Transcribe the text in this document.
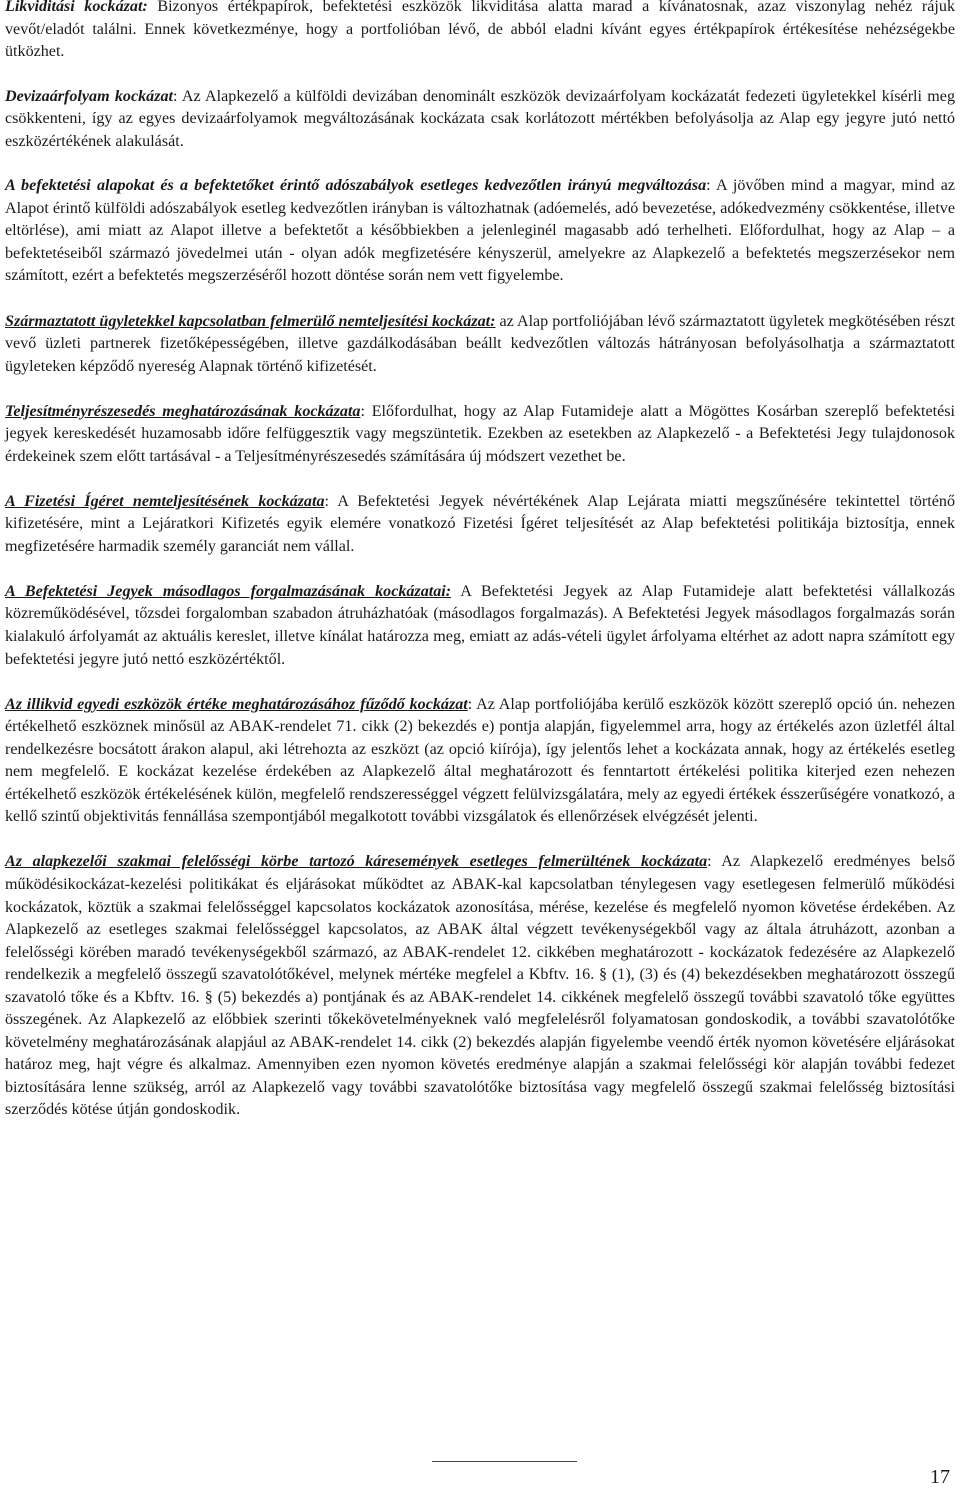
Likviditási kockázat: Bizonyos értékpapírok, befektetési eszközök likviditása alatta marad a kívánatosnak, azaz viszonylag nehéz rájuk vevőt/eladót találni. Ennek következménye, hogy a portfolióban lévő, de abból eladni kívánt egyes értékpapírok értékesítése nehézségekbe ütközhet.

Devizaárfolyam kockázat: Az Alapkezelő a külföldi devizában denominált eszközök devizaárfolyam kockázatát fedezeti ügyletekkel kísérli meg csökkenteni, így az egyes devizaárfolyamok megváltozásának kockázata csak korlátozott mértékben befolyásolja az Alap egy jegyre jutó nettó eszközértékének alakulását.

A befektetési alapokat és a befektetőket érintő adószabályok esetleges kedvezőtlen irányú megváltozása: A jövőben mind a magyar, mind az Alapot érintő külföldi adószabályok esetleg kedvezőtlen irányban is változhatnak (adóemelés, adó bevezetése, adókedvezmény csökkentése, illetve eltörlése), ami miatt az Alapot illetve a befektetőt a későbbiekben a jelenleginél magasabb adó terhelheti. Előfordulhat, hogy az Alap – a befektetéseiből származó jövedelmei után - olyan adók megfizetésére kényszerül, amelyekre az Alapkezelő a befektetés megszerzésekor nem számított, ezért a befektetés megszerzéséről hozott döntése során nem vett figyelembe.

Származtatott ügyletekkel kapcsolatban felmerülő nemteljesítési kockázat: az Alap portfoliójában lévő származtatott ügyletek megkötésében részt vevő üzleti partnerek fizetőképességében, illetve gazdálkodásában beállt kedvezőtlen változás hátrányosan befolyásolhatja a származtatott ügyleteken képződő nyereség Alapnak történő kifizetését.

Teljesítményrészesedés meghatározásának kockázata: Előfordulhat, hogy az Alap Futamideje alatt a Mögöttes Kosárban szereplő befektetési jegyek kereskedését huzamosabb időre felfüggesztik vagy megszüntetik. Ezekben az esetekben az Alapkezelő - a Befektetési Jegy tulajdonosok érdekeinek szem előtt tartásával - a Teljesítményrészesedés számítására új módszert vezethet be.

A Fizetési Ígéret nemteljesítésének kockázata: A Befektetési Jegyek névértékének Alap Lejárata miatti megszűnésére tekintettel történő kifizetésére, mint a Lejáratkori Kifizetés egyik elemére vonatkozó Fizetési Ígéret teljesítését az Alap befektetési politikája biztosítja, ennek megfizetésére harmadik személy garanciát nem vállal.

A Befektetési Jegyek másodlagos forgalmazásának kockázatai: A Befektetési Jegyek az Alap Futamideje alatt befektetési vállalkozás közreműködésével, tőzsdei forgalomban szabadon átruházhatóak (másodlagos forgalmazás). A Befektetési Jegyek másodlagos forgalmazás során kialakuló árfolyamát az aktuális kereslet, illetve kínálat határozza meg, emiatt az adás-vételi ügylet árfolyama eltérhet az adott napra számított egy befektetési jegyre jutó nettó eszközértéktől.

Az illikvid egyedi eszközök értéke meghatározásához fűződő kockázat: Az Alap portfoliójába kerülő eszközök között szereplő opció ún. nehezen értékelhető eszköznek minősül az ABAK-rendelet 71. cikk (2) bekezdés e) pontja alapján, figyelemmel arra, hogy az értékelés azon üzletfél által rendelkezésre bocsátott árakon alapul, aki létrehozta az eszközt (az opció kiírója), így jelentős lehet a kockázata annak, hogy az értékelés esetleg nem megfelelő. E kockázat kezelése érdekében az Alapkezelő által meghatározott és fenntartott értékelési politika kiterjed ezen nehezen értékelhető eszközök értékelésének külön, megfelelő rendszerességgel végzett felülvizsgálatára, mely az egyedi értékek ésszerűségére vonatkozó, a kellő szintű objektivitás fennállása szempontjából megalkotott további vizsgálatok és ellenőrzések elvégzését jelenti.

Az alapkezelői szakmai felelősségi körbe tartozó káresemények esetleges felmerültének kockázata: Az Alapkezelő eredményes belső működésikockázat-kezelési politikákat és eljárásokat működtet az ABAK-kal kapcsolatban ténylegesen vagy esetlegesen felmerülő működési kockázatok, köztük a szakmai felelősséggel kapcsolatos kockázatok azonosítása, mérése, kezelése és megfelelő nyomon követése érdekében. Az Alapkezelő az esetleges szakmai felelősséggel kapcsolatos, az ABAK által végzett tevékenységekből vagy az általa átruházott, azonban a felelősségi körében maradó tevékenységekből származó, az ABAK-rendelet 12. cikkében meghatározott - kockázatok fedezésére az Alapkezelő rendelkezik a megfelelő összegű szavatolótőkével, melynek mértéke megfelel a Kbftv. 16. § (1), (3) és (4) bekezdésekben meghatározott összegű szavatoló tőke és a Kbftv. 16. § (5) bekezdés a) pontjának és az ABAK-rendelet 14. cikkének megfelelő összegű további szavatoló tőke együttes összegének. Az Alapkezelő az előbbiek szerinti tőkekövetelményeknek való megfelelésről folyamatosan gondoskodik, a további szavatolótőke követelmény meghatározásának alapjául az ABAK-rendelet 14. cikk (2) bekezdés alapján figyelembe veendő érték nyomon követésére eljárásokat határoz meg, hajt végre és alkalmaz. Amennyiben ezen nyomon követés eredménye alapján a szakmai felelősségi kör alapján további fedezet biztosítására lenne szükség, arról az Alapkezelő vagy további szavatolótőke biztosítása vagy megfelelő összegű szakmai felelősség biztosítási szerződés kötése útján gondoskodik.

17
